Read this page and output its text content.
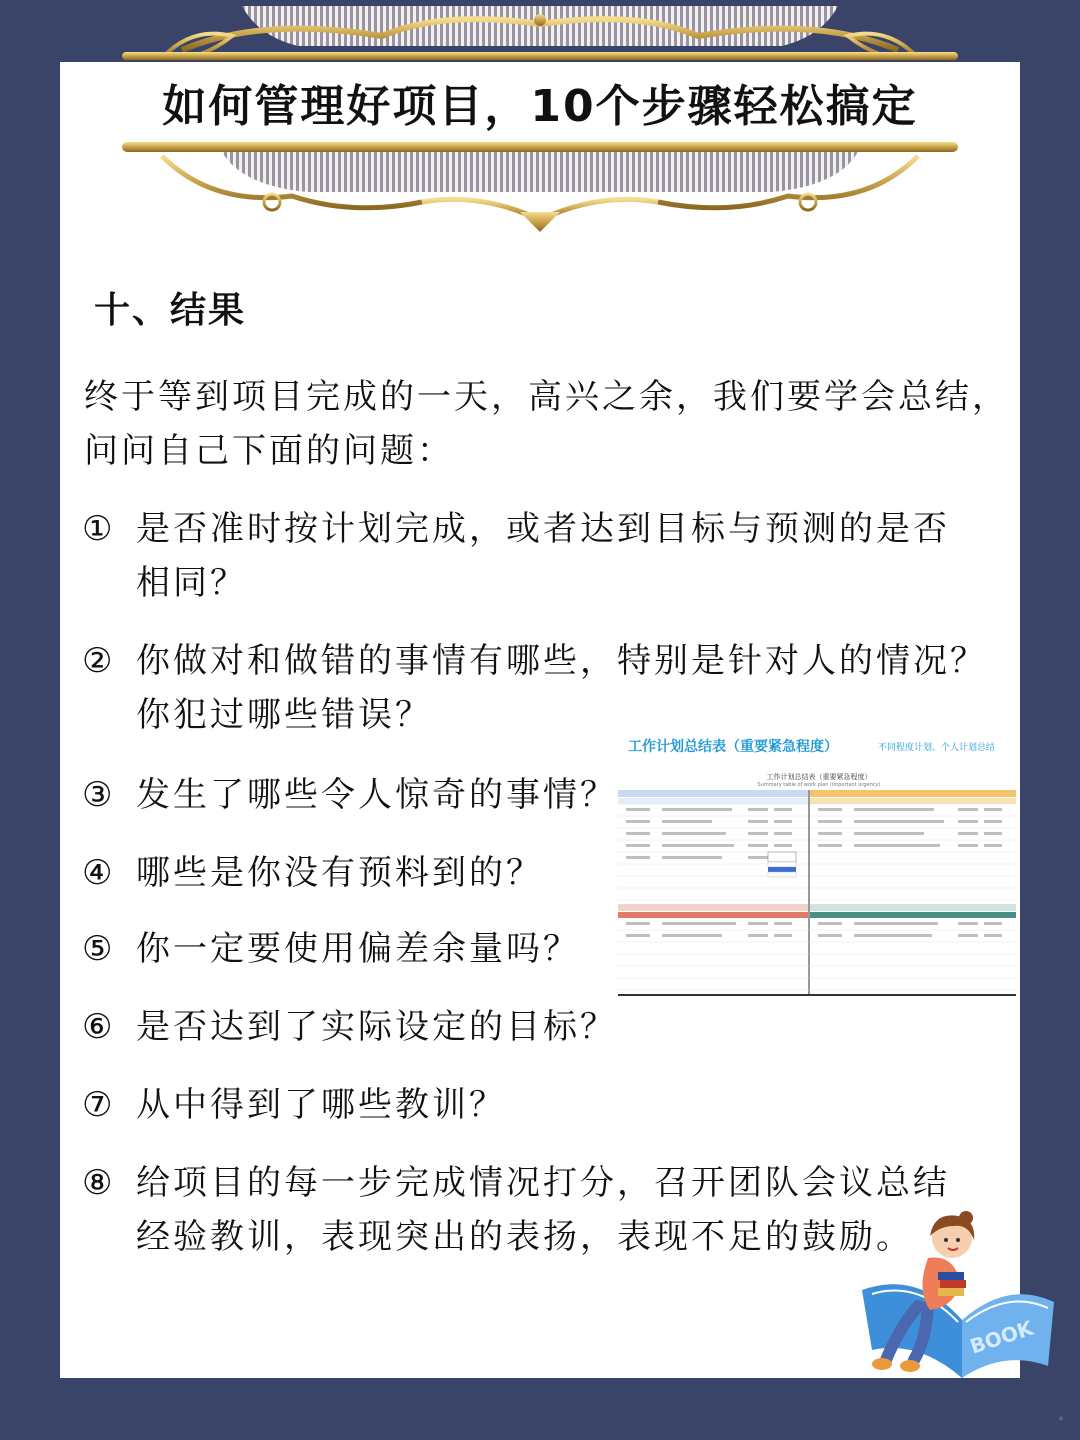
如何管理好项目，10个步骤轻松搞定
十、结果
终于等到项目完成的一天，高兴之余，我们要学会总结，
问问自己下面的问题：
① 是否准时按计划完成，或者达到目标与预测的是否
相同？
② 你做对和做错的事情有哪些，特别是针对人的情况？
你犯过哪些错误？
③ 发生了哪些令人惊奇的事情？
④ 哪些是你没有预料到的？
⑤ 你一定要使用偏差余量吗？
⑥ 是否达到了实际设定的目标？
⑦ 从中得到了哪些教训？
⑧ 给项目的每一步完成情况打分，召开团队会议总结
经验教训，表现突出的表扬，表现不足的鼓励。
工作计划总结表（重要紧急程度）	不同程度计划、个人计划总结
工作计划总结表（重要紧急程度）
Summary table of work plan (important urgency)
BOOK
◦
